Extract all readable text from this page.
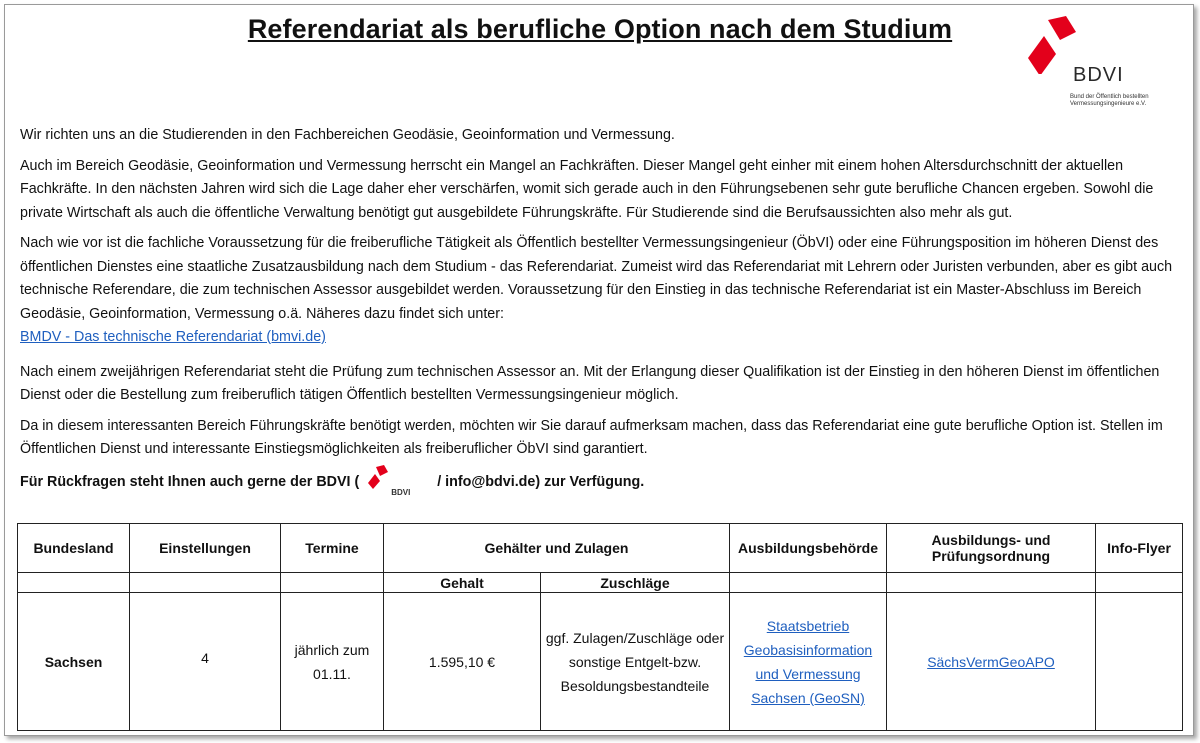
Referendariat als berufliche Option nach dem Studium
BDVI
Bund der Öffentlich bestellten Vermessungsingenieure e.V.

Wir richten uns an die Studierenden in den Fachbereichen Geodäsie, Geoinformation und Vermessung.

Auch im Bereich Geodäsie, Geoinformation und Vermessung herrscht ein Mangel an Fachkräften. Dieser Mangel geht einher mit einem hohen Altersdurchschnitt der aktuellen Fachkräfte. In den nächsten Jahren wird sich die Lage daher eher verschärfen, womit sich gerade auch in den Führungsebenen sehr gute berufliche Chancen ergeben. Sowohl die private Wirtschaft als auch die öffentliche Verwaltung benötigt gut ausgebildete Führungskräfte. Für Studierende sind die Berufsaussichten also mehr als gut.

Nach wie vor ist die fachliche Voraussetzung für die freiberufliche Tätigkeit als Öffentlich bestellter Vermessungsingenieur (ÖbVI) oder eine Führungsposition im höheren Dienst des öffentlichen Dienstes eine staatliche Zusatzausbildung nach dem Studium - das Referendariat. Zumeist wird das Referendariat mit Lehrern oder Juristen verbunden, aber es gibt auch technische Referendare, die zum technischen Assessor ausgebildet werden. Voraussetzung für den Einstieg in das technische Referendariat ist ein Master-Abschluss im Bereich Geodäsie, Geoinformation, Vermessung o.ä. Näheres dazu findet sich unter:
BMDV - Das technische Referendariat (bmvi.de)

Nach einem zweijährigen Referendariat steht die Prüfung zum technischen Assessor an. Mit der Erlangung dieser Qualifikation ist der Einstieg in den höheren Dienst im öffentlichen Dienst oder die Bestellung zum freiberuflich tätigen Öffentlich bestellten Vermessungsingenieur möglich.

Da in diesem interessanten Bereich Führungskräfte benötigt werden, möchten wir Sie darauf aufmerksam machen, dass das Referendariat eine gute berufliche Option ist. Stellen im Öffentlichen Dienst und interessante Einstiegsmöglichkeiten als freiberuflicher ÖbVI sind garantiert.

Für Rückfragen steht Ihnen auch gerne der BDVI (
BDVI
/ info@bdvi.de) zur Verfügung.
Bundesland	Einstellungen	Termine	Gehälter und Zulagen		Ausbildungsbehörde	Ausbildungs- und Prüfungsordnung	Info-Flyer
			Gehalt	Zuschläge			
Sachsen	4	jährlich zum 01.11.	1.595,10 €	ggf. Zulagen/Zuschläge oder sonstige Entgelt-bzw. Besoldungsbestandteile	Staatsbetrieb Geobasisinformation und Vermessung Sachsen (GeoSN)	SächsVermGeoAPO	
